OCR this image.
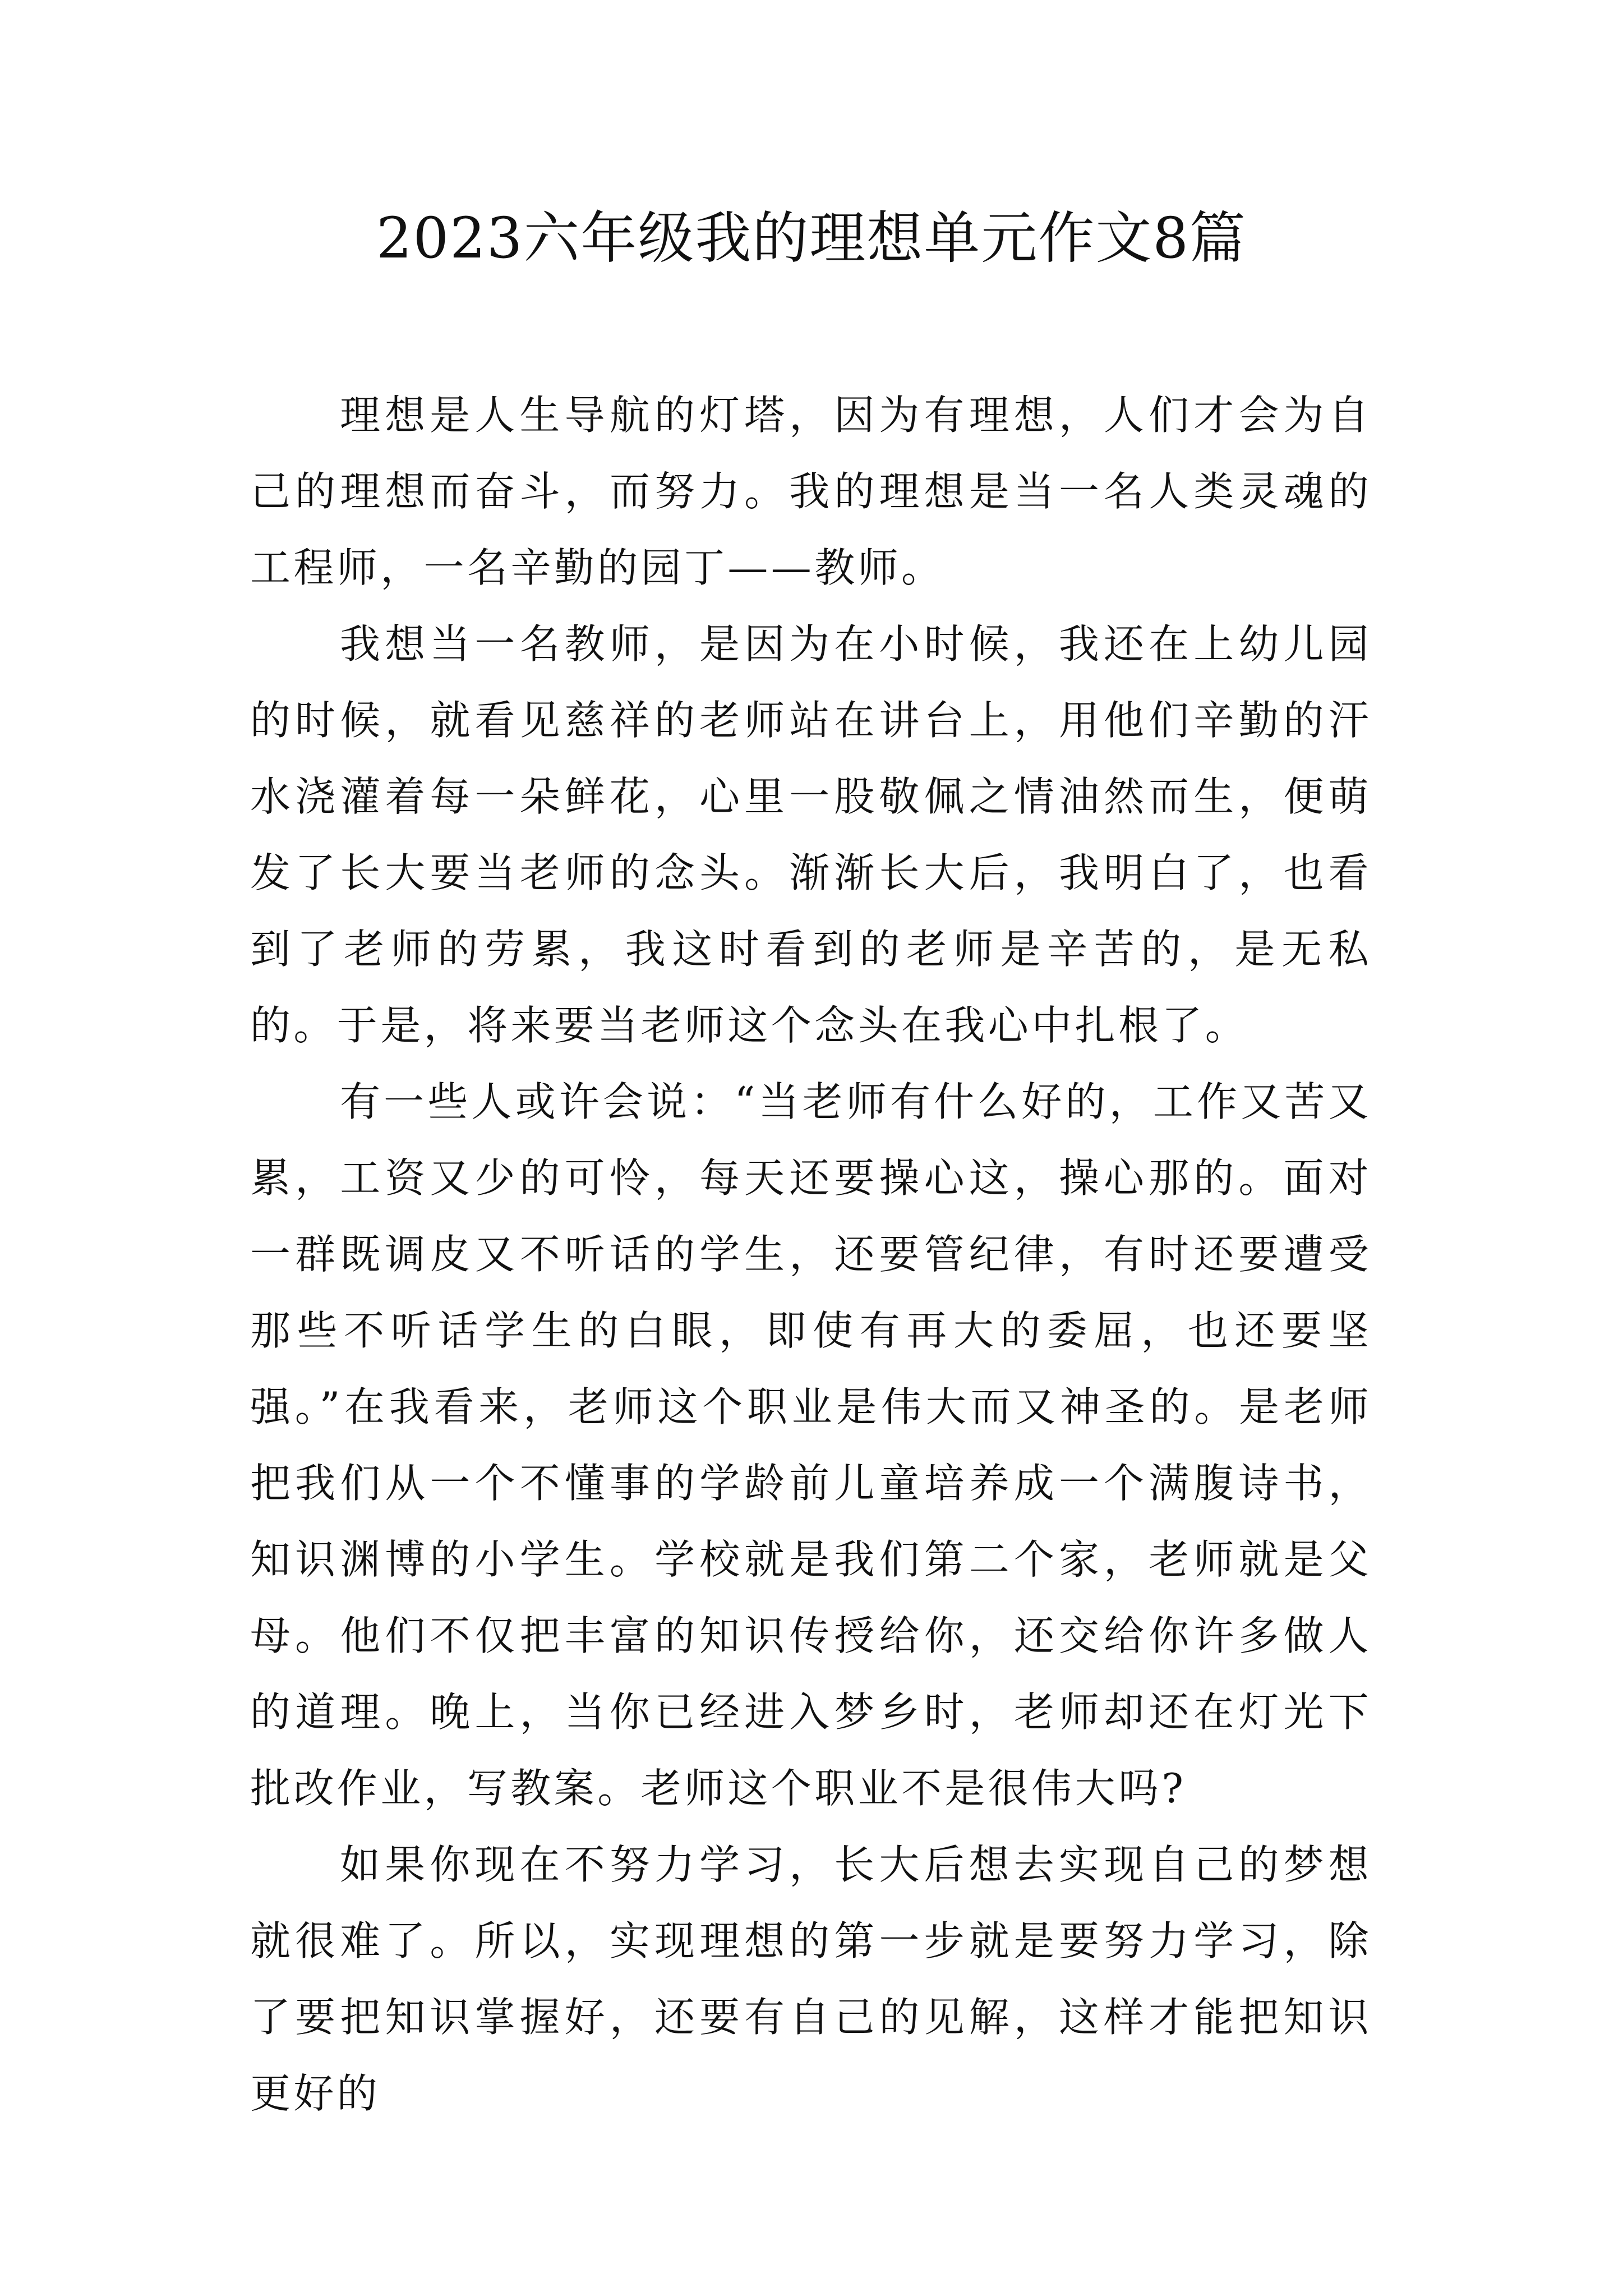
2023六年级我的理想单元作文8篇

理想是人生导航的灯塔，因为有理想，人们才会为自己的理想而奋斗，而努力。我的理想是当一名人类灵魂的工程师，一名辛勤的园丁——教师。

我想当一名教师，是因为在小时候，我还在上幼儿园的时候，就看见慈祥的老师站在讲台上，用他们辛勤的汗水浇灌着每一朵鲜花，心里一股敬佩之情油然而生，便萌发了长大要当老师的念头。渐渐长大后，我明白了，也看到了老师的劳累，我这时看到的老师是辛苦的，是无私的。于是，将来要当老师这个念头在我心中扎根了。

有一些人或许会说：“当老师有什么好的，工作又苦又累，工资又少的可怜，每天还要操心这，操心那的。面对一群既调皮又不听话的学生，还要管纪律，有时还要遭受那些不听话学生的白眼，即使有再大的委屈，也还要坚强。”在我看来，老师这个职业是伟大而又神圣的。是老师把我们从一个不懂事的学龄前儿童培养成一个满腹诗书，知识渊博的小学生。学校就是我们第二个家，老师就是父母。他们不仅把丰富的知识传授给你，还交给你许多做人的道理。晚上，当你已经进入梦乡时，老师却还在灯光下批改作业，写教案。老师这个职业不是很伟大吗?

如果你现在不努力学习，长大后想去实现自己的梦想就很难了。所以，实现理想的第一步就是要努力学习，除了要把知识掌握好，还要有自己的见解，这样才能把知识更好的
